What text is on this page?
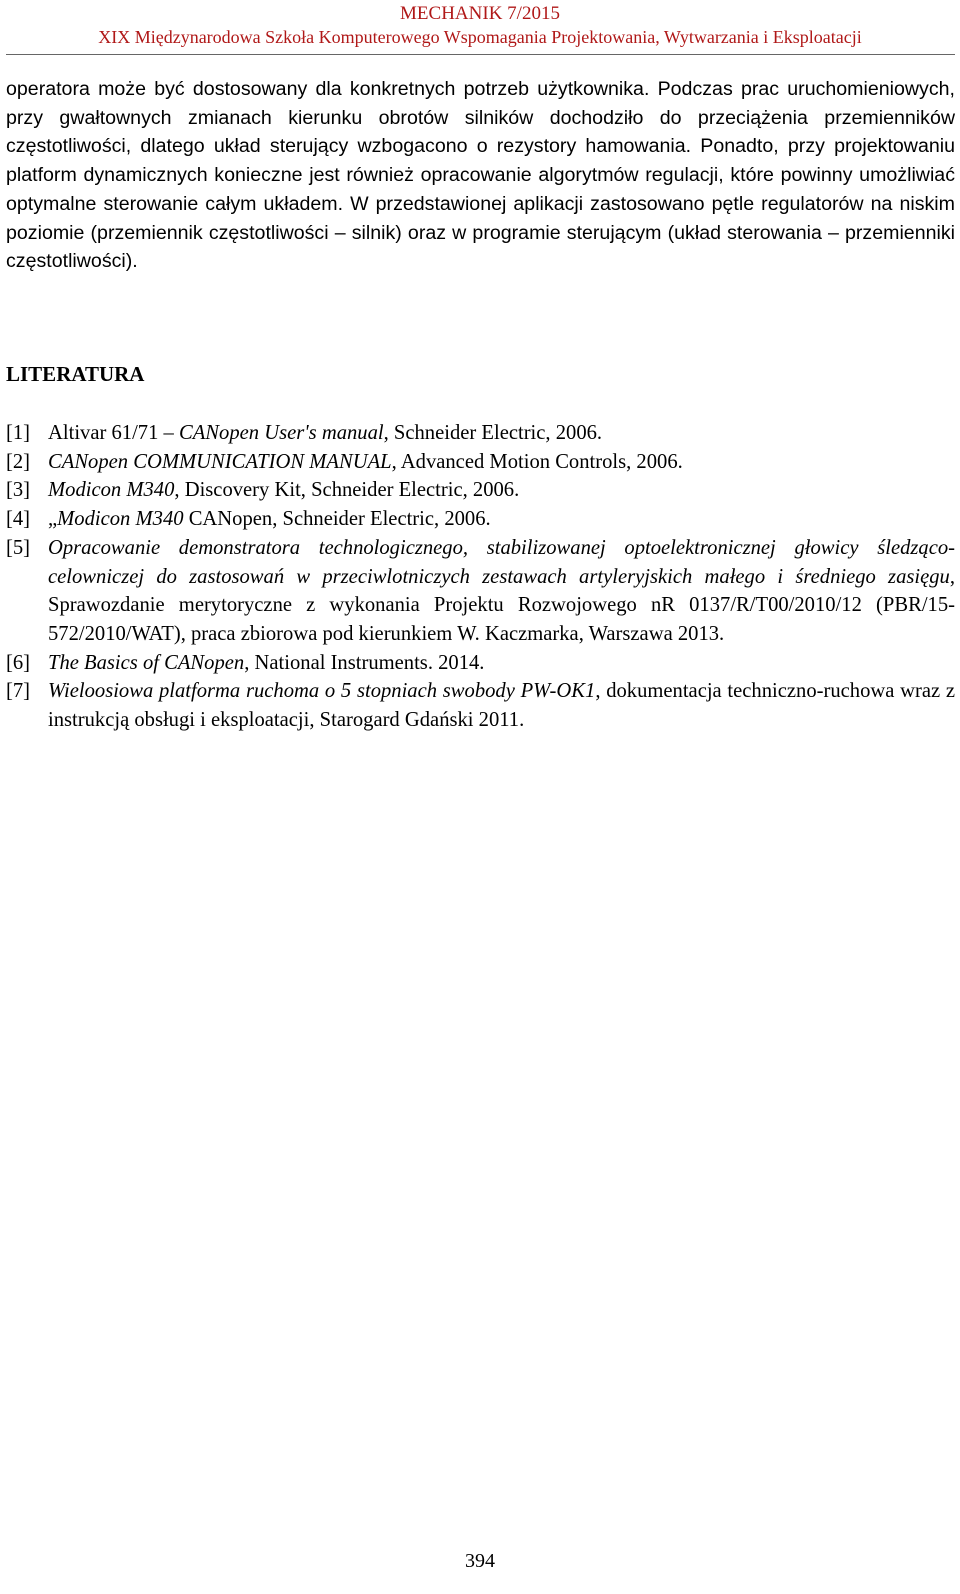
MECHANIK 7/2015
XIX Międzynarodowa Szkoła Komputerowego Wspomagania Projektowania, Wytwarzania i Eksploatacji

operatora może być dostosowany dla konkretnych potrzeb użytkownika. Podczas prac uruchomieniowych, przy gwałtownych zmianach kierunku obrotów silników dochodziło do przeciążenia przemienników częstotliwości, dlatego układ sterujący wzbogacono o rezystory hamowania. Ponadto, przy projektowaniu platform dynamicznych konieczne jest również opracowanie algorytmów regulacji, które powinny umożliwiać optymalne sterowanie całym układem. W przedstawionej aplikacji zastosowano pętle regulatorów na niskim poziomie (przemiennik częstotliwości – silnik) oraz w programie sterującym (układ sterowania – przemienniki częstotliwości).

LITERATURA
[1] Altivar 61/71 – CANopen User's manual, Schneider Electric, 2006.
[2] CANopen COMMUNICATION MANUAL, Advanced Motion Controls, 2006.
[3] Modicon M340, Discovery Kit, Schneider Electric, 2006.
[4] „Modicon M340 CANopen, Schneider Electric, 2006.
[5] Opracowanie demonstratora technologicznego, stabilizowanej optoelektronicznej głowicy śledząco-celowniczej do zastosowań w przeciwlotniczych zestawach artyleryjskich małego i średniego zasięgu, Sprawozdanie merytoryczne z wykonania Projektu Rozwojowego nR 0137/R/T00/2010/12 (PBR/15-572/2010/WAT), praca zbiorowa pod kierunkiem W. Kaczmarka, Warszawa 2013.
[6] The Basics of CANopen, National Instruments. 2014.
[7] Wieloosiowa platforma ruchoma o 5 stopniach swobody PW-OK1, dokumentacja techniczno-ruchowa wraz z instrukcją obsługi i eksploatacji, Starogard Gdański 2011.
394
